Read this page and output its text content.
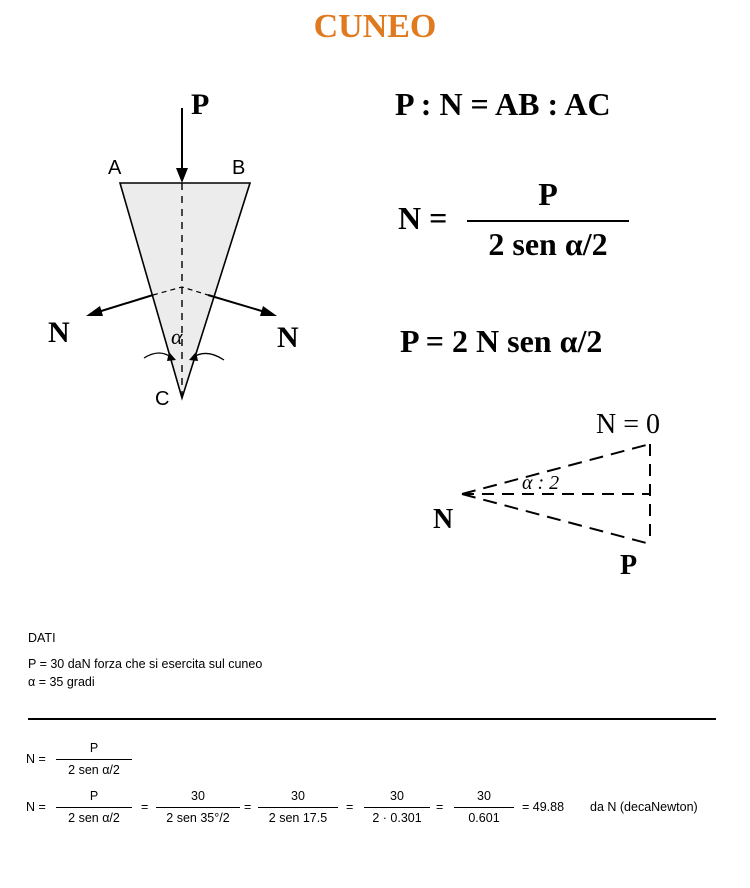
CUNEO
P
A	B
C
N	N
α
P : N = AB : AC
N =
P
2 sen α/2
P = 2 N sen α/2
N = 0
N
P
α : 2
DATI
P = 30 daN forza che si esercita sul cuneo
α = 35 gradi
N =
P
2 sen α/2
N =
P
2 sen α/2
=
30
2 sen 35°/2
=
30
2 sen 17.5
=
30
2 · 0.301
=
30
0.601
= 49.88 da N (decaNewton)
